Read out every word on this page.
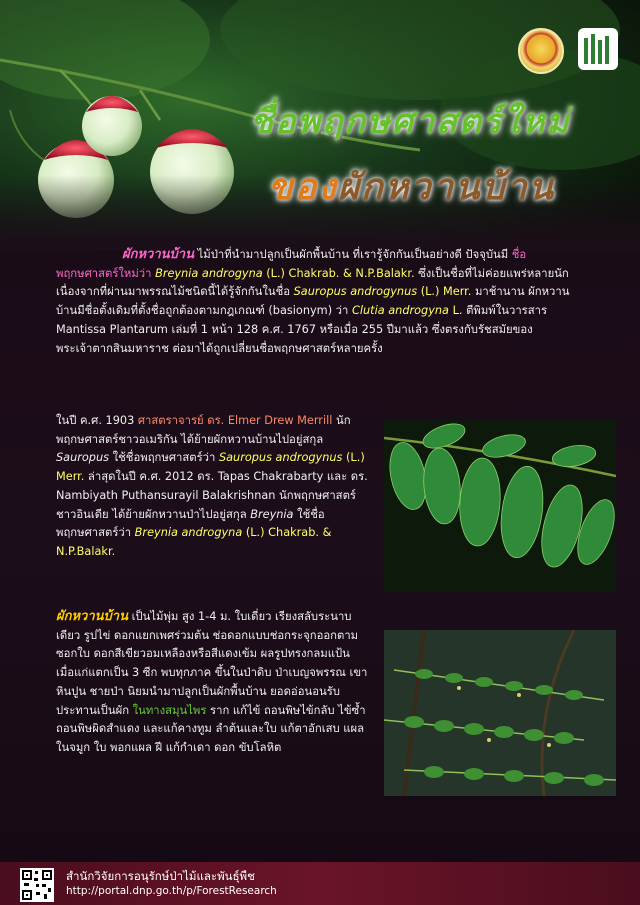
ชื่อพฤกษศาสตร์ใหม่
ของผักหวานบ้าน
ผักหวานบ้าน ไม้ป่าที่นำมาปลูกเป็นผักพื้นบ้าน ที่เรารู้จักกันเป็นอย่างดี ปัจจุบันมี ชื่อพฤกษศาสตร์ใหม่ว่า Breynia androgyna (L.) Chakrab. & N.P.Balakr. ซึ่งเป็นชื่อที่ไม่ค่อยแพร่หลายนัก เนื่องจากที่ผ่านมาพรรณไม้ชนิดนี้ได้รู้จักกันในชื่อ Sauropus androgynus (L.) Merr. มาช้านาน ผักหวานบ้านมีชื่อตั้งเดิมที่ตั้งชื่อถูกต้องตามกฎเกณฑ์ (basionym) ว่า Clutia androgyna L. ตีพิมพ์ในวารสาร Mantissa Plantarum เล่มที่ 1 หน้า 128 ค.ศ. 1767 หรือเมื่อ 255 ปีมาแล้ว ซึ่งตรงกับรัชสมัยของพระเจ้าตากสินมหาราช ต่อมาได้ถูกเปลี่ยนชื่อพฤกษศาสตร์หลายครั้ง
ในปี ค.ศ. 1903 ศาสตราจารย์ ดร. Elmer Drew Merrill นักพฤกษศาสตร์ชาวอเมริกัน ได้ย้ายผักหวานบ้านไปอยู่สกุล Sauropus ใช้ชื่อพฤกษศาสตร์ว่า Sauropus androgynus (L.) Merr. ล่าสุดในปี ค.ศ. 2012 ดร. Tapas Chakrabarty และ ดร. Nambiyath Puthansurayil Balakrishnan นักพฤกษศาสตร์ชาวอินเดีย ได้ย้ายผักหวานป่าไปอยู่สกุล Breynia ใช้ชื่อพฤกษศาสตร์ว่า Breynia androgyna (L.) Chakrab. & N.P.Balakr.
ผักหวานบ้าน เป็นไม้พุ่ม สูง 1-4 ม. ใบเดี่ยว เรียงสลับระนาบเดียว รูปไข่ ดอกแยกเพศร่วมต้น ช่อดอกแบบช่อกระจุกออกตามซอกใบ ดอกสีเขียวอมเหลืองหรือสีแดงเข้ม ผลรูปทรงกลมแป้น เมื่อแก่แตกเป็น 3 ซีก พบทุกภาค ขึ้นในป่าดิบ ป่าเบญจพรรณ เขาหินปูน ชายป่า นิยมนำมาปลูกเป็นผักพื้นบ้าน ยอดอ่อนอนรับประทานเป็นผัก ในทางสมุนไพร ราก แก้ไข้ ถอนพิษไข้กลับ ไข้ซ้ำ ถอนพิษผิดสำแดง และแก้คางทูม ลำต้นและใบ แก้ตาอักเสบ แผลในจมูก ใบ พอกแผล ฝี แก้กำเดา ดอก ขับโลหิต
สำนักวิจัยการอนุรักษ์ป่าไม้และพันธุ์พืช
http://portal.dnp.go.th/p/ForestResearch
